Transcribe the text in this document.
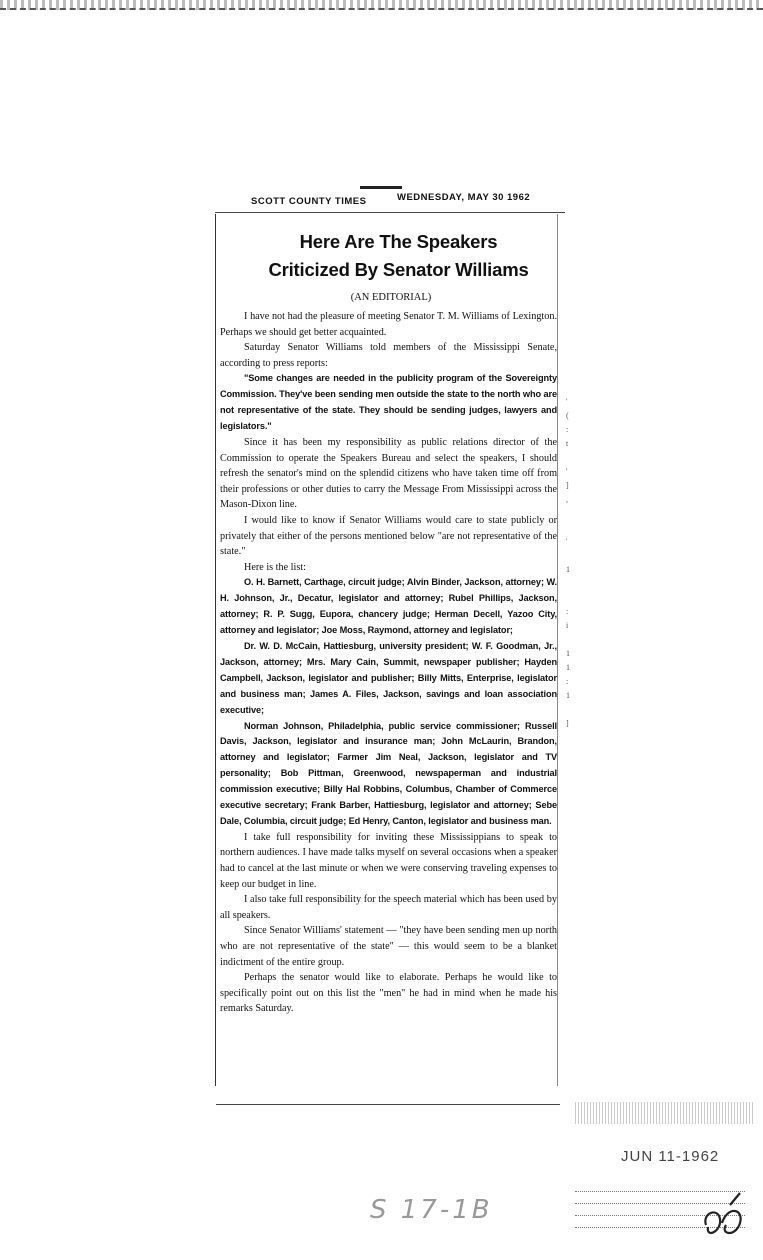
SCOTT COUNTY TIMES	WEDNESDAY, MAY 30 1962
Here Are The Speakers
Criticized By Senator Williams
(AN EDITORIAL)

I have not had the pleasure of meeting Senator T. M. Williams of Lexington. Perhaps we should get better acquainted.

Saturday Senator Williams told members of the Mississippi Senate, according to press reports:

"Some changes are needed in the publicity program of the Sovereignty Commission. They've been sending men outside the state to the north who are not representative of the state. They should be sending judges, lawyers and legislators."

Since it has been my responsibility as public relations director of the Commission to operate the Speakers Bureau and select the speakers, I should refresh the senator's mind on the splendid citizens who have taken time off from their professions or other duties to carry the Message From Mississippi across the Mason-Dixon line.

I would like to know if Senator Williams would care to state publicly or privately that either of the persons mentioned below "are not representative of the state."

Here is the list:

O. H. Barnett, Carthage, circuit judge; Alvin Binder, Jackson, attorney; W. H. Johnson, Jr., Decatur, legislator and attorney; Rubel Phillips, Jackson, attorney; R. P. Sugg, Eupora, chancery judge; Herman Decell, Yazoo City, attorney and legislator; Joe Moss, Raymond, attorney and legislator;

Dr. W. D. McCain, Hattiesburg, university president; W. F. Goodman, Jr., Jackson, attorney; Mrs. Mary Cain, Summit, newspaper publisher; Hayden Campbell, Jackson, legislator and publisher; Billy Mitts, Enterprise, legislator and business man; James A. Files, Jackson, savings and loan association executive;

Norman Johnson, Philadelphia, public service commissioner; Russell Davis, Jackson, legislator and insurance man; John McLaurin, Brandon, attorney and legislator; Farmer Jim Neal, Jackson, legislator and TV personality; Bob Pittman, Greenwood, newspaperman and industrial commission executive; Billy Hal Robbins, Columbus, Chamber of Commerce executive secretary; Frank Barber, Hattiesburg, legislator and attorney; Sebe Dale, Columbia, circuit judge; Ed Henry, Canton, legislator and business man.

I take full responsibility for inviting these Mississippians to speak to northern audiences. I have made talks myself on several occasions when a speaker had to cancel at the last minute or when we were conserving traveling expenses to keep our budget in line.

I also take full responsibility for the speech material which has been used by all speakers.

Since Senator Williams' statement — "they have been sending men up north who are not representative of the state" — this would seem to be a blanket indictment of the entire group.

Perhaps the senator would like to elaborate. Perhaps he would like to specifically point out on this list the "men" he had in mind when he made his remarks Saturday.

'
(
:
t

'
]
,

'

1

:
i

1
1
:
1

]
JUN 11-1962
S 17-1B
